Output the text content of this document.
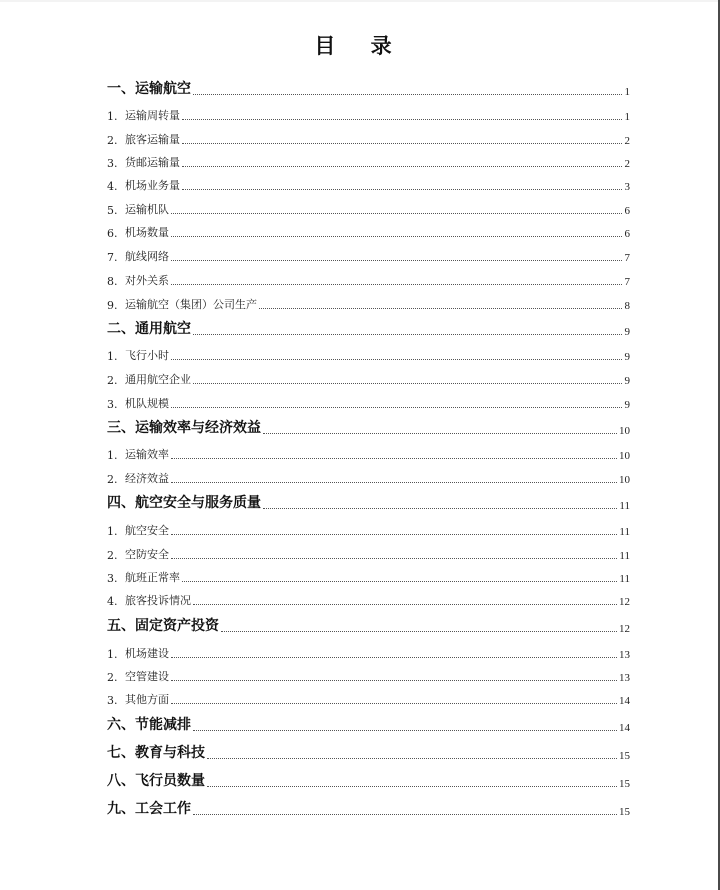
目 录
一、 运输航空	1
1. 运输周转量	1
2. 旅客运输量	2
3. 货邮运输量	2
4. 机场业务量	3
5. 运输机队	6
6. 机场数量	6
7. 航线网络	7
8. 对外关系	7
9. 运输航空（集团）公司生产	8
二、 通用航空	9
1. 飞行小时	9
2. 通用航空企业	9
3. 机队规模	9
三、 运输效率与经济效益	10
1. 运输效率	10
2. 经济效益	10
四、 航空安全与服务质量	11
1. 航空安全	11
2. 空防安全	11
3. 航班正常率	11
4. 旅客投诉情况	12
五、 固定资产投资	12
1. 机场建设	13
2. 空管建设	13
3. 其他方面	14
六、 节能减排	14
七、 教育与科技	15
八、 飞行员数量	15
九、 工会工作	15
